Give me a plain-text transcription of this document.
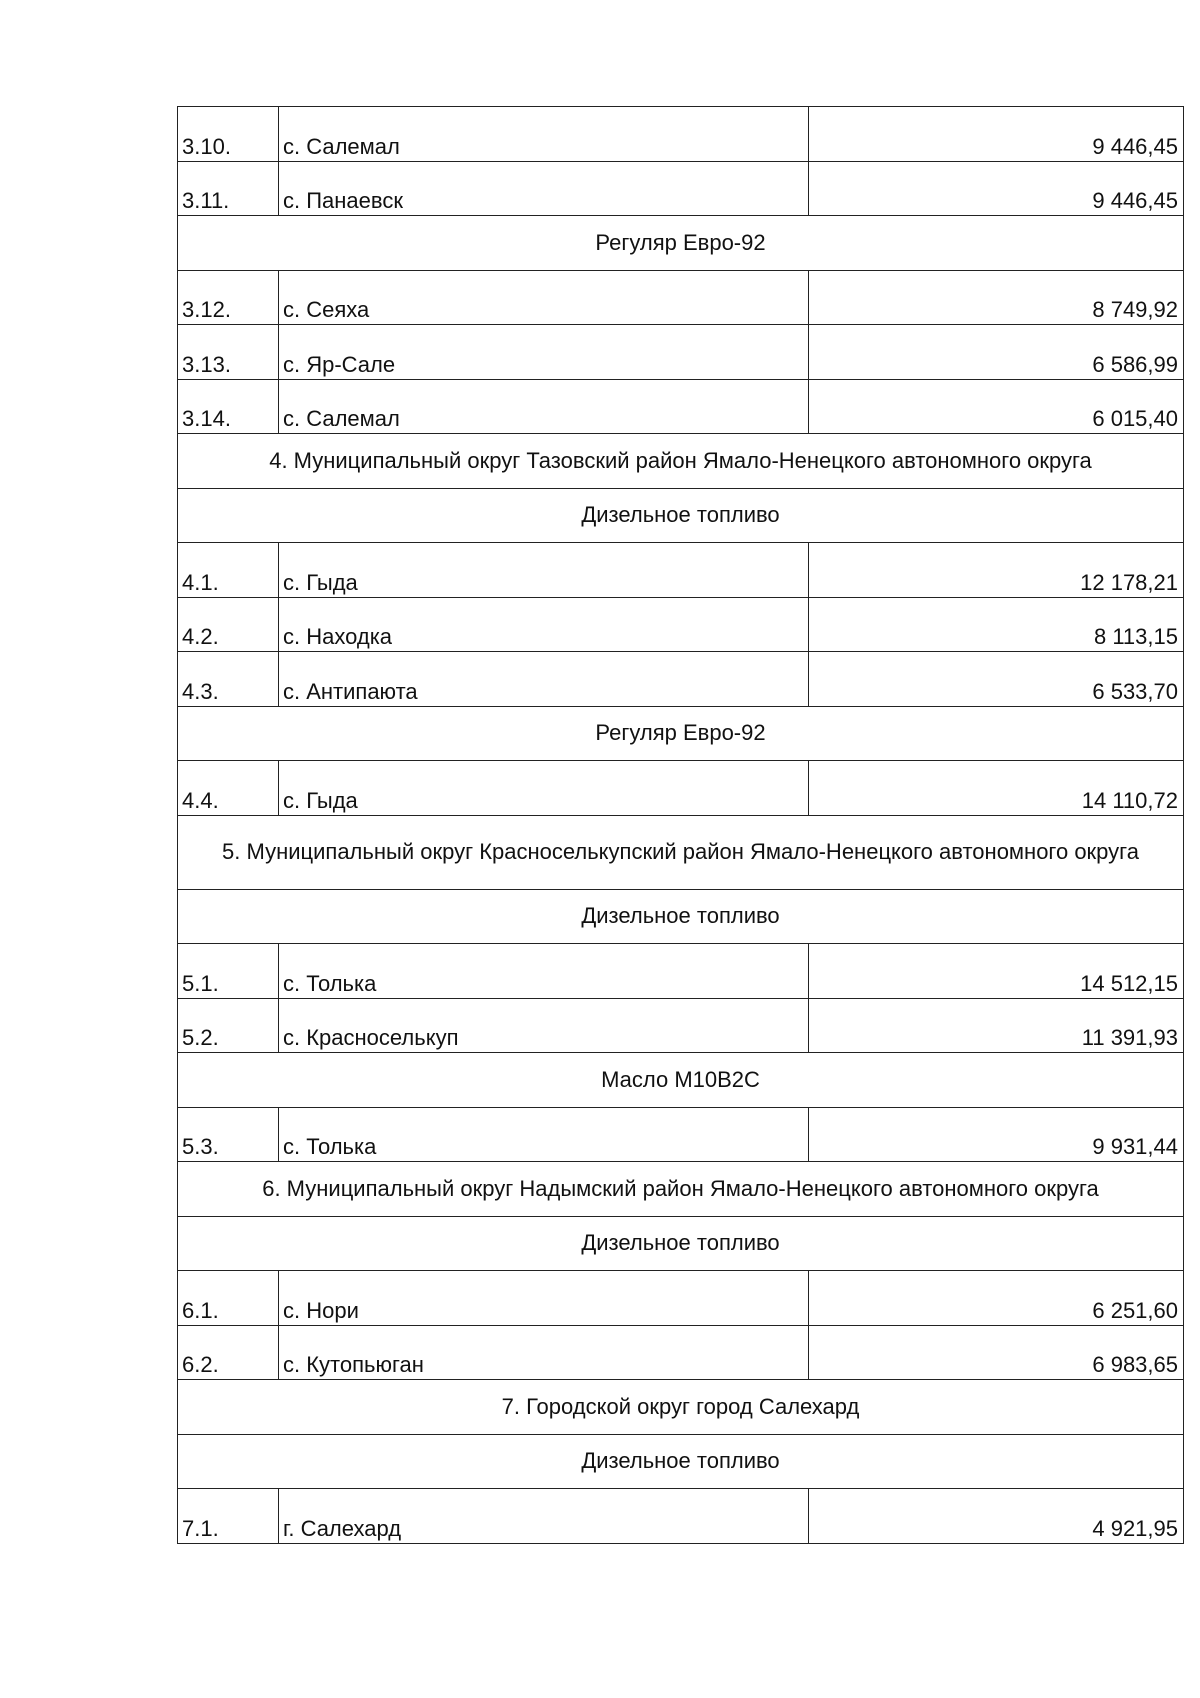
3.10.	с. Салемал	9 446,45
3.11.	с. Панаевск	9 446,45
Регуляр Евро-92		
3.12.	с. Сеяха	8 749,92
3.13.	с. Яр-Сале	6 586,99
3.14.	с. Салемал	6 015,40
4. Муниципальный округ Тазовский район Ямало-Ненецкого автономного округа		
Дизельное топливо		
4.1.	с. Гыда	12 178,21
4.2.	с. Находка	8 113,15
4.3.	с. Антипаюта	6 533,70
Регуляр Евро-92		
4.4.	с. Гыда	14 110,72
5. Муниципальный округ Красноселькупский район Ямало-Ненецкого автономного округа		
Дизельное топливо		
5.1.	с. Толька	14 512,15
5.2.	с. Красноселькуп	11 391,93
Масло М10В2С		
5.3.	с. Толька	9 931,44
6. Муниципальный округ Надымский район Ямало-Ненецкого автономного округа		
Дизельное топливо		
6.1.	с. Нори	6 251,60
6.2.	с. Кутопьюган	6 983,65
7. Городской округ город Салехард		
Дизельное топливо		
7.1.	г. Салехард	4 921,95
